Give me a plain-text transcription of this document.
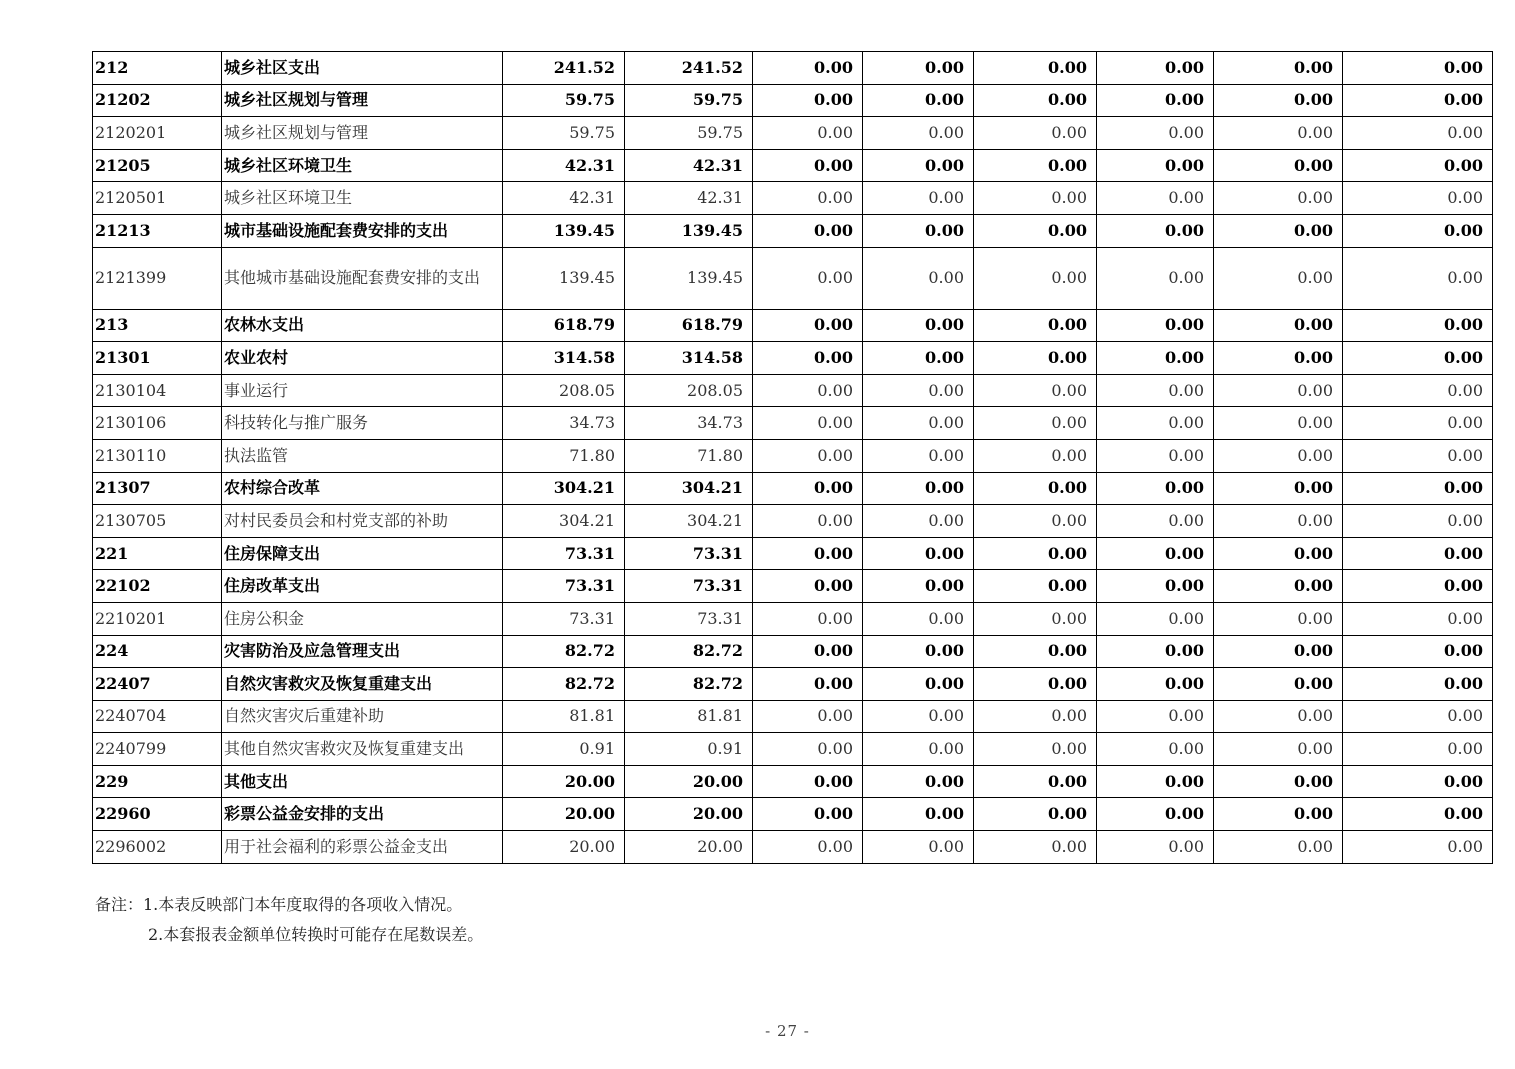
212	城乡社区支出	241.52	241.52	0.00	0.00	0.00	0.00	0.00	0.00
21202	城乡社区规划与管理	59.75	59.75	0.00	0.00	0.00	0.00	0.00	0.00
2120201	城乡社区规划与管理	59.75	59.75	0.00	0.00	0.00	0.00	0.00	0.00
21205	城乡社区环境卫生	42.31	42.31	0.00	0.00	0.00	0.00	0.00	0.00
2120501	城乡社区环境卫生	42.31	42.31	0.00	0.00	0.00	0.00	0.00	0.00
21213	城市基础设施配套费安排的支出	139.45	139.45	0.00	0.00	0.00	0.00	0.00	0.00
2121399	其他城市基础设施配套费安排的支出	139.45	139.45	0.00	0.00	0.00	0.00	0.00	0.00
213	农林水支出	618.79	618.79	0.00	0.00	0.00	0.00	0.00	0.00
21301	农业农村	314.58	314.58	0.00	0.00	0.00	0.00	0.00	0.00
2130104	事业运行	208.05	208.05	0.00	0.00	0.00	0.00	0.00	0.00
2130106	科技转化与推广服务	34.73	34.73	0.00	0.00	0.00	0.00	0.00	0.00
2130110	执法监管	71.80	71.80	0.00	0.00	0.00	0.00	0.00	0.00
21307	农村综合改革	304.21	304.21	0.00	0.00	0.00	0.00	0.00	0.00
2130705	对村民委员会和村党支部的补助	304.21	304.21	0.00	0.00	0.00	0.00	0.00	0.00
221	住房保障支出	73.31	73.31	0.00	0.00	0.00	0.00	0.00	0.00
22102	住房改革支出	73.31	73.31	0.00	0.00	0.00	0.00	0.00	0.00
2210201	住房公积金	73.31	73.31	0.00	0.00	0.00	0.00	0.00	0.00
224	灾害防治及应急管理支出	82.72	82.72	0.00	0.00	0.00	0.00	0.00	0.00
22407	自然灾害救灾及恢复重建支出	82.72	82.72	0.00	0.00	0.00	0.00	0.00	0.00
2240704	自然灾害灾后重建补助	81.81	81.81	0.00	0.00	0.00	0.00	0.00	0.00
2240799	其他自然灾害救灾及恢复重建支出	0.91	0.91	0.00	0.00	0.00	0.00	0.00	0.00
229	其他支出	20.00	20.00	0.00	0.00	0.00	0.00	0.00	0.00
22960	彩票公益金安排的支出	20.00	20.00	0.00	0.00	0.00	0.00	0.00	0.00
2296002	用于社会福利的彩票公益金支出	20.00	20.00	0.00	0.00	0.00	0.00	0.00	0.00
备注：1.本表反映部门本年度取得的各项收入情况。
2.本套报表金额单位转换时可能存在尾数误差。
- 27 -
